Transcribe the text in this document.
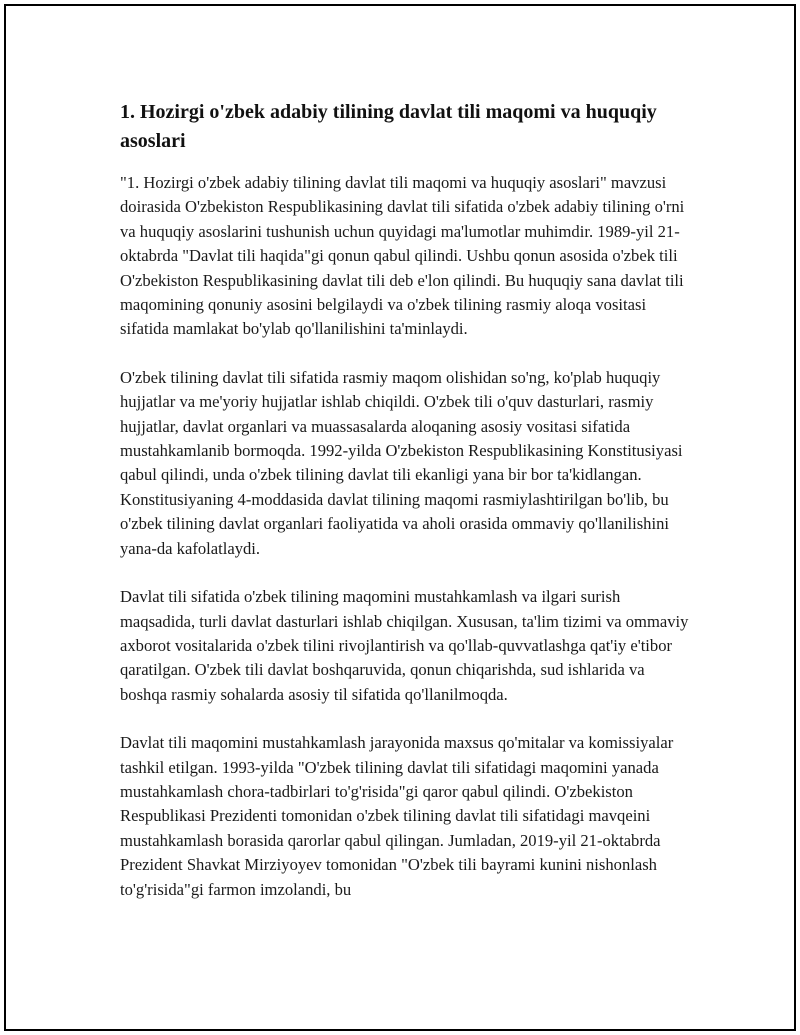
1. Hozirgi o'zbek adabiy tilining davlat tili maqomi va huquqiy asoslari

"1. Hozirgi o'zbek adabiy tilining davlat tili maqomi va huquqiy asoslari" mavzusi doirasida O'zbekiston Respublikasining davlat tili sifatida o'zbek adabiy tilining o'rni va huquqiy asoslarini tushunish uchun quyidagi ma'lumotlar muhimdir. 1989-yil 21-oktabrda "Davlat tili haqida"gi qonun qabul qilindi. Ushbu qonun asosida o'zbek tili O'zbekiston Respublikasining davlat tili deb e'lon qilindi. Bu huquqiy sana davlat tili maqomining qonuniy asosini belgilaydi va o'zbek tilining rasmiy aloqa vositasi sifatida mamlakat bo'ylab qo'llanilishini ta'minlaydi.

O'zbek tilining davlat tili sifatida rasmiy maqom olishidan so'ng, ko'plab huquqiy hujjatlar va me'yoriy hujjatlar ishlab chiqildi. O'zbek tili o'quv dasturlari, rasmiy hujjatlar, davlat organlari va muassasalarda aloqaning asosiy vositasi sifatida mustahkamlanib bormoqda. 1992-yilda O'zbekiston Respublikasining Konstitusiyasi qabul qilindi, unda o'zbek tilining davlat tili ekanligi yana bir bor ta'kidlangan. Konstitusiyaning 4-moddasida davlat tilining maqomi rasmiylashtirilgan bo'lib, bu o'zbek tilining davlat organlari faoliyatida va aholi orasida ommaviy qo'llanilishini yana-da kafolatlaydi.

Davlat tili sifatida o'zbek tilining maqomini mustahkamlash va ilgari surish maqsadida, turli davlat dasturlari ishlab chiqilgan. Xususan, ta'lim tizimi va ommaviy axborot vositalarida o'zbek tilini rivojlantirish va qo'llab-quvvatlashga qat'iy e'tibor qaratilgan. O'zbek tili davlat boshqaruvida, qonun chiqarishda, sud ishlarida va boshqa rasmiy sohalarda asosiy til sifatida qo'llanilmoqda.

Davlat tili maqomini mustahkamlash jarayonida maxsus qo'mitalar va komissiyalar tashkil etilgan. 1993-yilda "O'zbek tilining davlat tili sifatidagi maqomini yanada mustahkamlash chora-tadbirlari to'g'risida"gi qaror qabul qilindi. O'zbekiston Respublikasi Prezidenti tomonidan o'zbek tilining davlat tili sifatidagi mavqeini mustahkamlash borasida qarorlar qabul qilingan. Jumladan, 2019-yil 21-oktabrda Prezident Shavkat Mirziyoyev tomonidan "O'zbek tili bayrami kunini nishonlash to'g'risida"gi farmon imzolandi, bu
